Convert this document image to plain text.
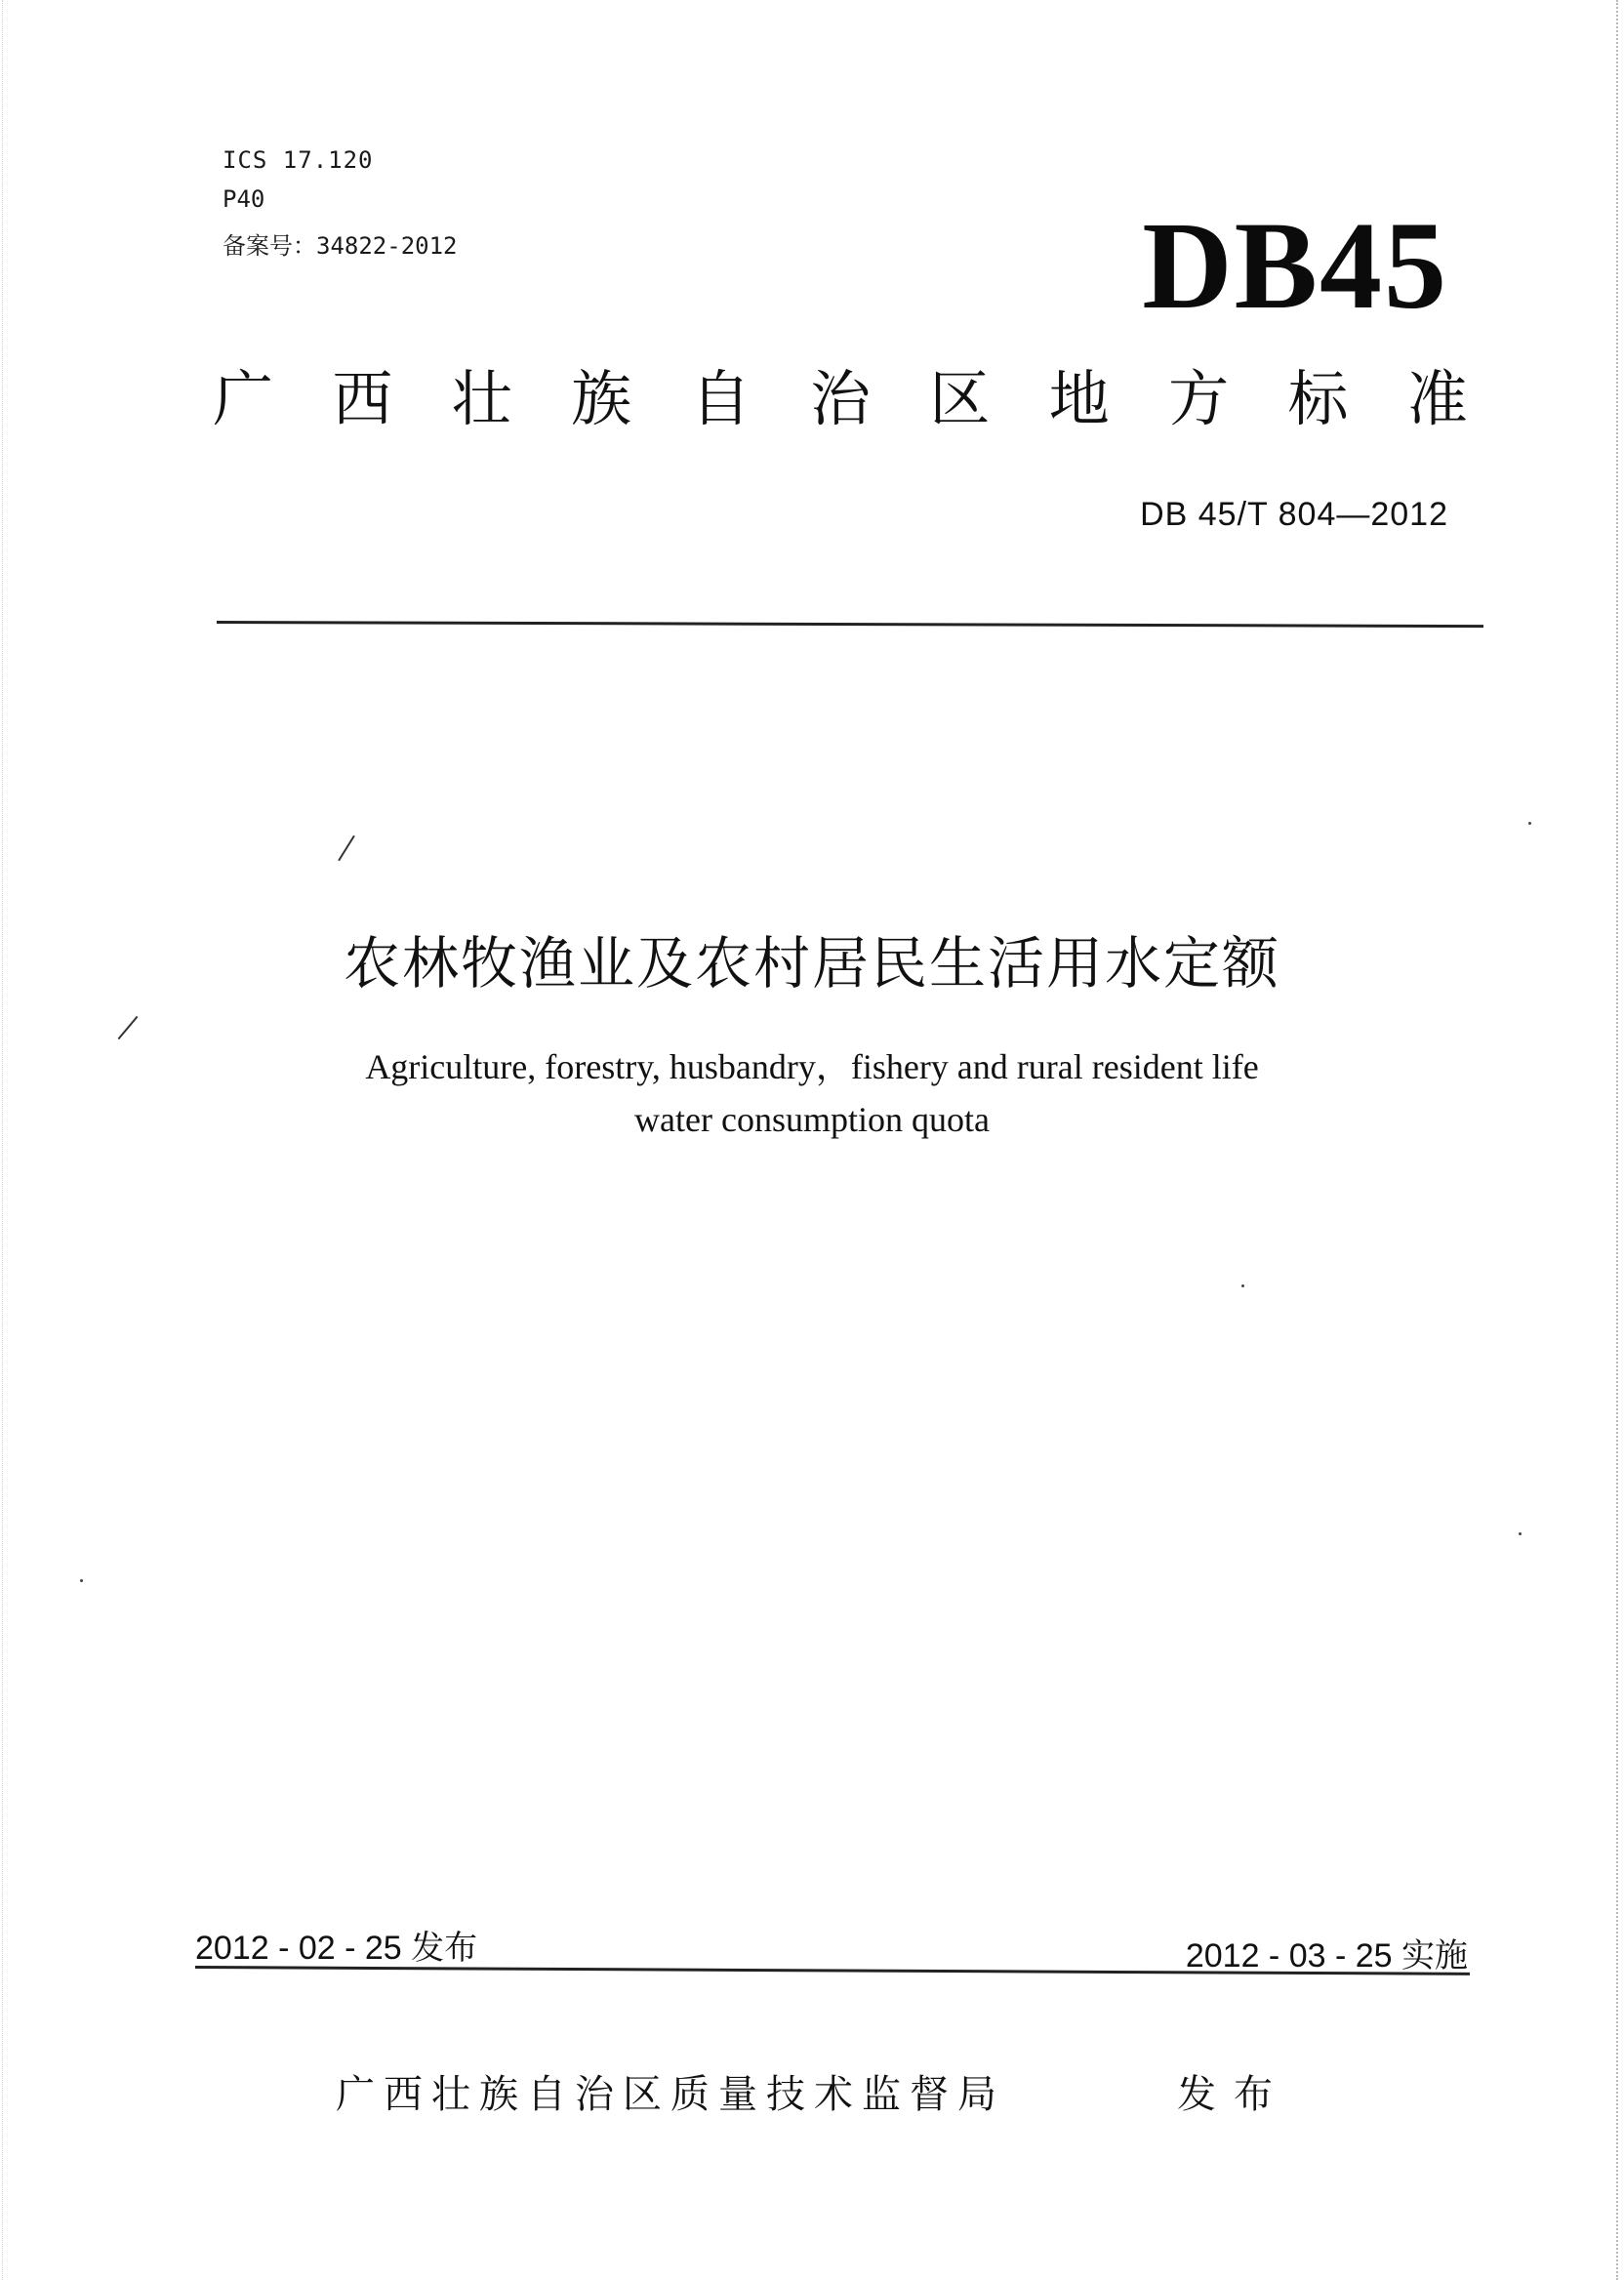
ICS 17.120
P40
备案号：34822-2012	DB45
广 西 壮 族 自 治 区 地 方 标 准
DB 45/T 804—2012
农林牧渔业及农村居民生活用水定额
Agriculture, forestry, husbandry，fishery and rural resident life
water consumption quota
2012 - 02 - 25 发布	2012 - 03 - 25 实施
广西壮族自治区质量技术监督局	发布
